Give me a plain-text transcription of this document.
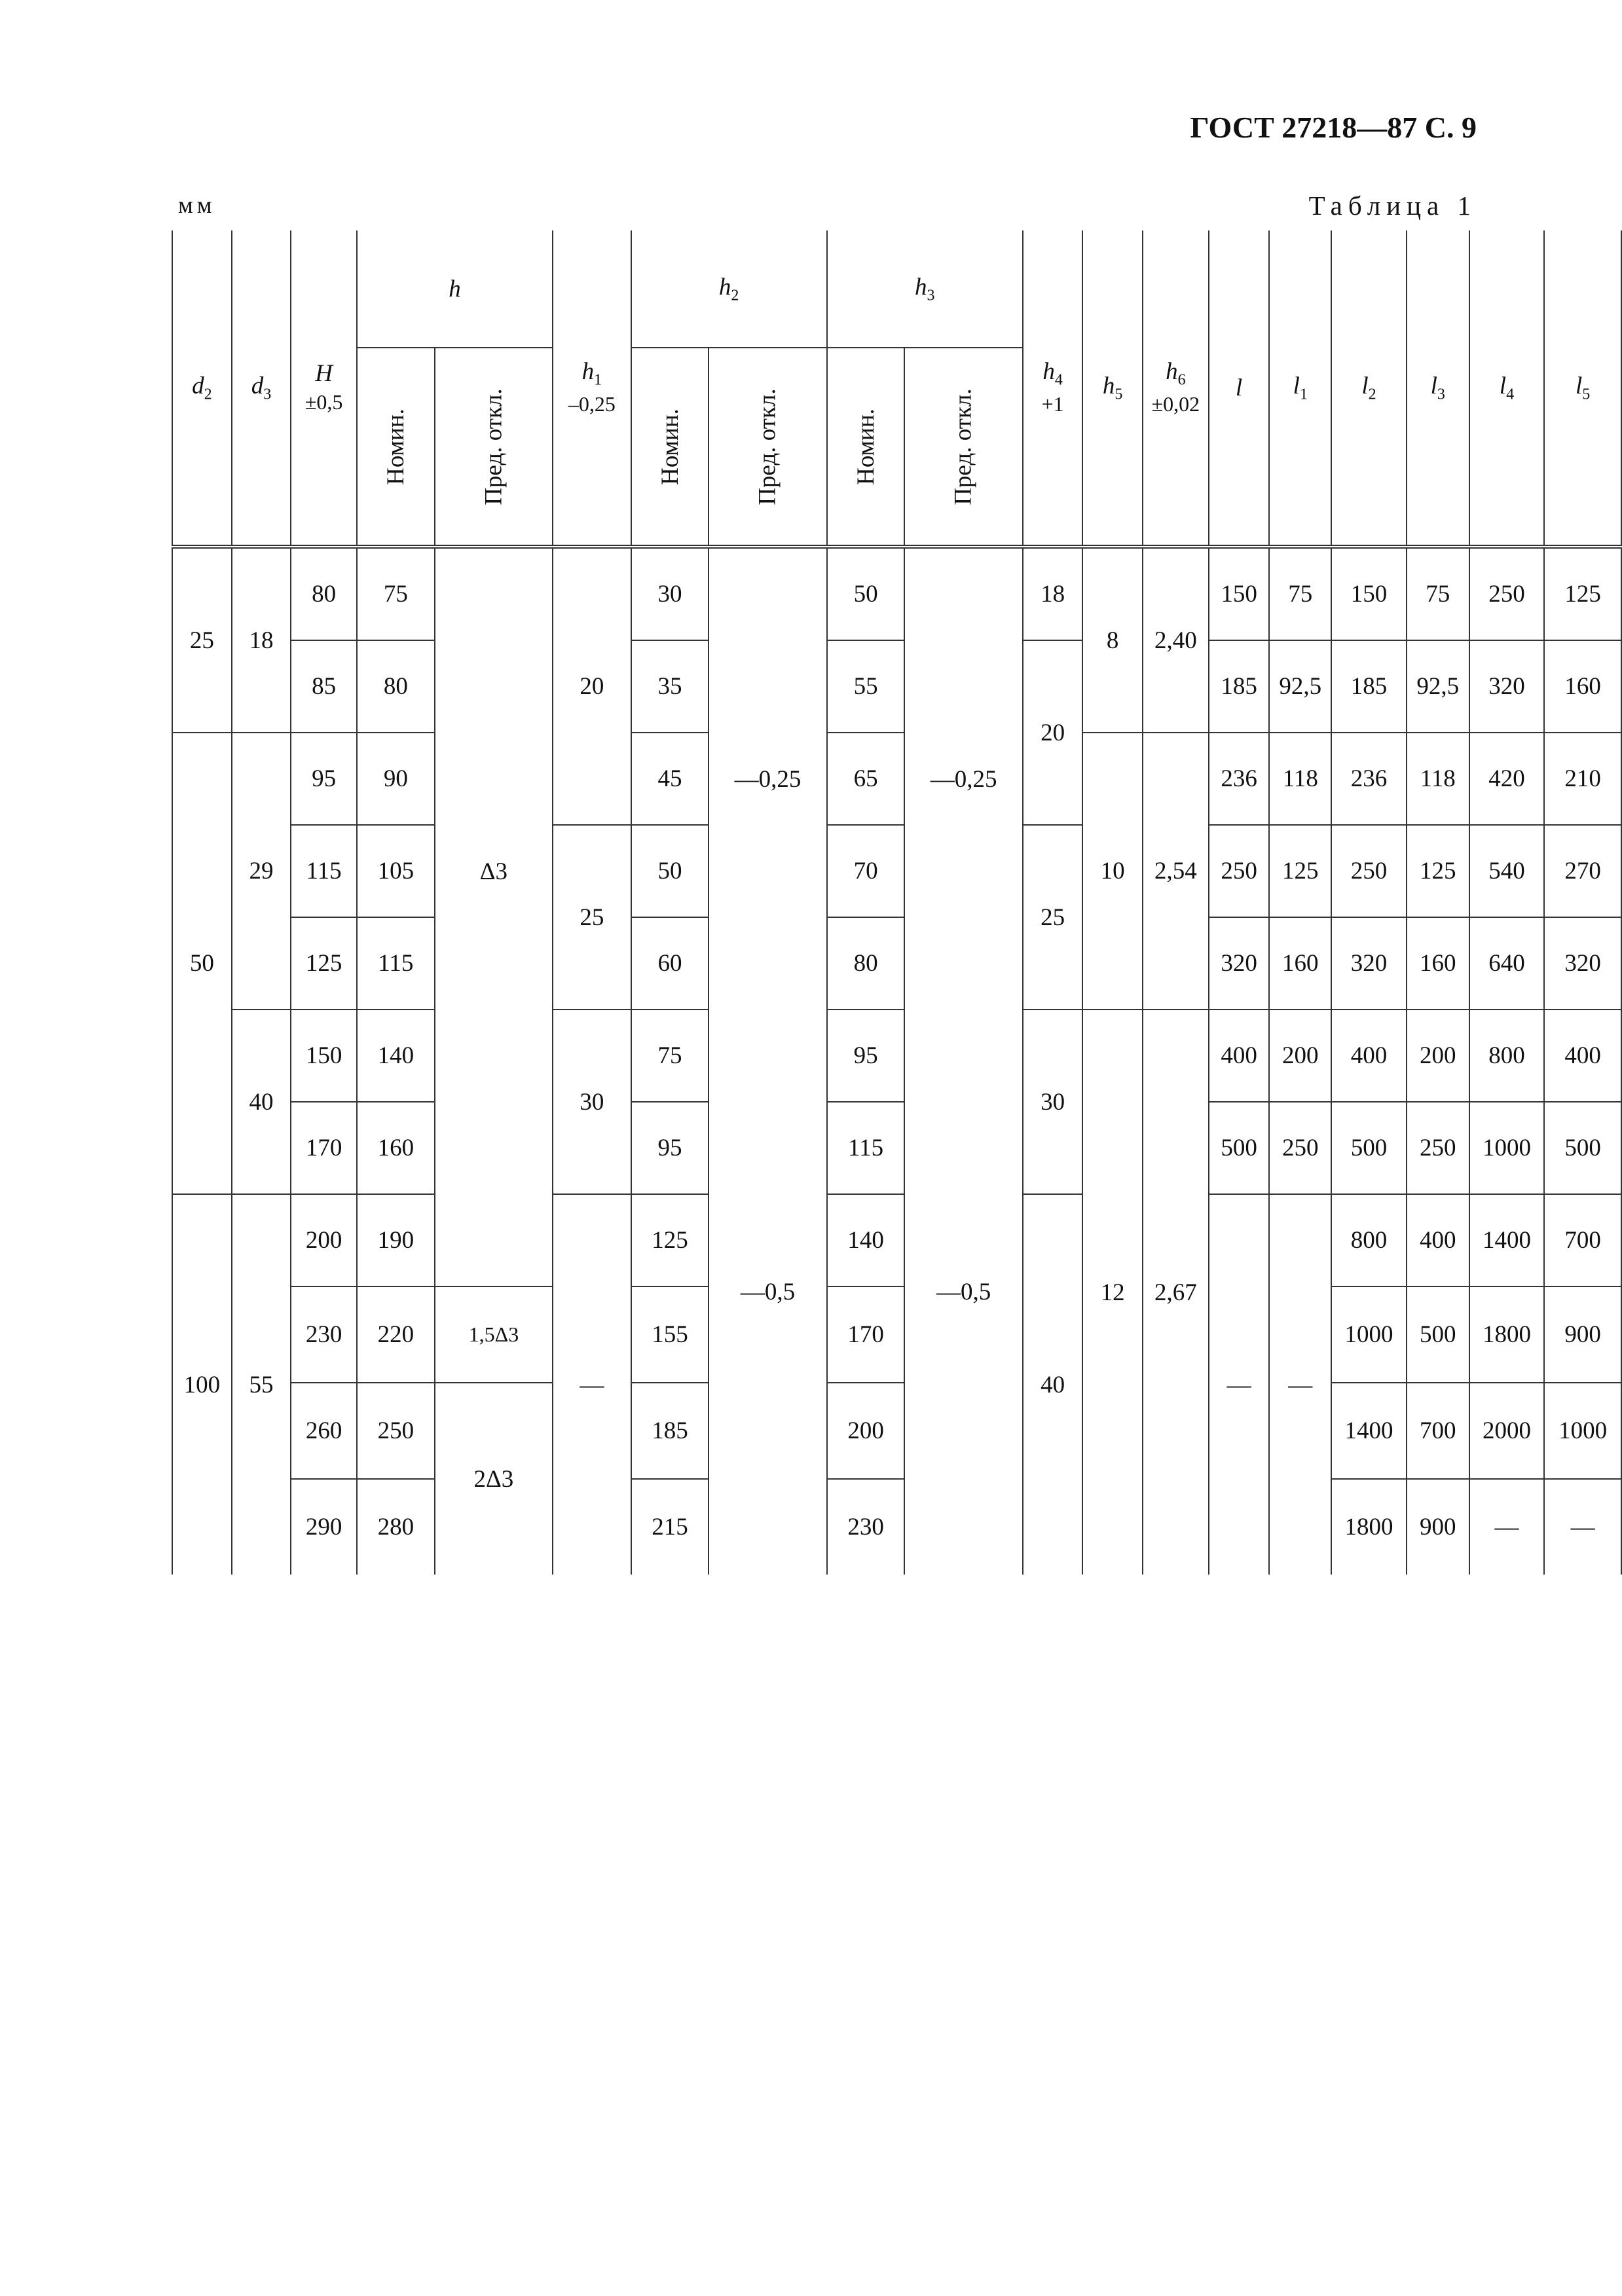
ГОСТ 27218—87 С. 9
мм	Таблица 1
$d_2$	$d_3$	H
±0,5	h		$h_1$
–0,25	$h_2$		$h_3$		$h_4$
+1	$h_5$	$h_6$
±0,02	l	$l_1$	$l_2$	$l_3$	$l_4$	$l_5$
			Номин.	Пред. откл.		Номин.	Пред. откл.	Номин.	Пред. откл.									
25	18	80	75	Δ3	20	30	—0,25	50	—0,25	18	8	2,40	150	75	150	75	250	125
		85	80			35		55		20			185	92,5	185	92,5	320	160
50	29	95	90			45		65			10	2,54	236	118	236	118	420	210
		115	105		25	50		70		25			250	125	250	125	540	270
		125	115			60		80					320	160	320	160	640	320
	40	150	140		30	75	—0,5	95	—0,5	30	12	2,67	400	200	400	200	800	400
		170	160			95		115					500	250	500	250	1000	500
100	55	200	190		—	125		140		40			—	—	800	400	1400	700
		230	220	1,5Δ3		155		170							1000	500	1800	900
		260	250	2Δ3		185		200							1400	700	2000	1000
		290	280			215		230							1800	900	—	—
